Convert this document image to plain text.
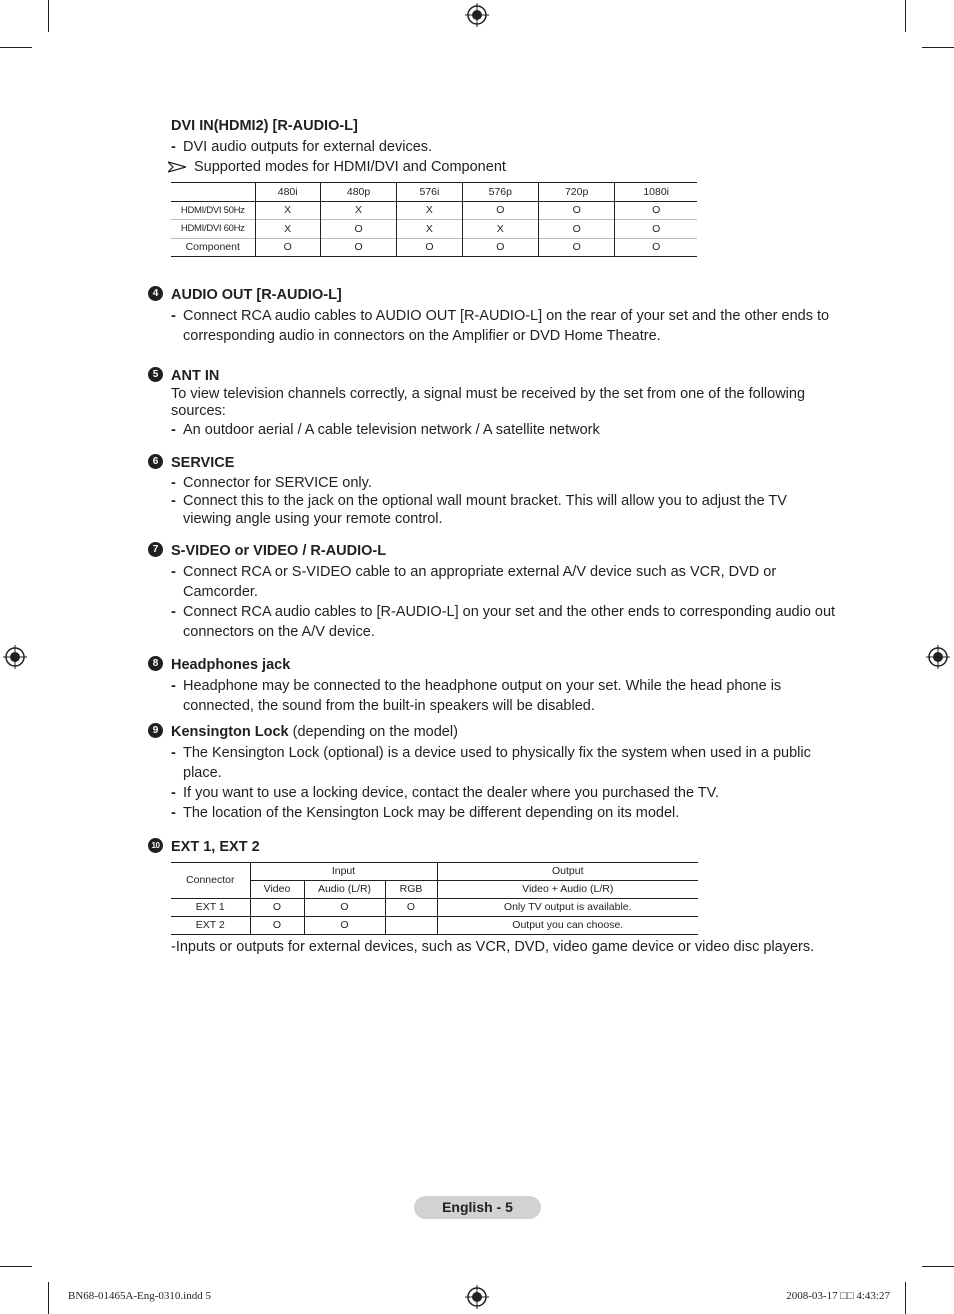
DVI IN(HDMI2) [R-AUDIO-L]
- DVI audio outputs for external devices.
Supported modes for HDMI/DVI and Component
	480i	480p	576i	576p	720p	1080i
HDMI/DVI 50Hz	X	X	X	O	O	O
HDMI/DVI 60Hz	X	O	X	X	O	O
Component	O	O	O	O	O	O
4 AUDIO OUT [R-AUDIO-L]
- Connect RCA audio cables to AUDIO OUT [R-AUDIO-L] on the rear of your set and the other ends to corresponding audio in connectors on the Amplifier or DVD Home Theatre.
5 ANT IN
To view television channels correctly, a signal must be received by the set from one of the following sources:
- An outdoor aerial / A cable television network / A satellite network
6 SERVICE
- Connector for SERVICE only.
- Connect this to the jack on the optional wall mount bracket. This will allow you to adjust the TV viewing angle using your remote control.
7 S-VIDEO or VIDEO / R-AUDIO-L
- Connect RCA or S-VIDEO cable to an appropriate external A/V device such as VCR, DVD or Camcorder.
- Connect RCA audio cables to [R-AUDIO-L] on your set and the other ends to corresponding audio out connectors on the A/V device.
8 Headphones jack
- Headphone may be connected to the headphone output on your set. While the head phone is connected, the sound from the built-in speakers will be disabled.
9 Kensington Lock (depending on the model)
- The Kensington Lock (optional) is a device used to physically fix the system when used in a public place.
- If you want to use a locking device, contact the dealer where you purchased the TV.
- The location of the Kensington Lock may be different depending on its model.
10 EXT 1, EXT 2
Connector	Input			Output
	Video	Audio (L/R)	RGB	Video + Audio (L/R)
EXT 1	O	O	O	Only TV output is available.
EXT 2	O	O		Output you can choose.
-Inputs or outputs for external devices, such as VCR, DVD, video game device or video disc players.
English - 5
BN68-01465A-Eng-0310.indd 5	2008-03-17 □□ 4:43:27
